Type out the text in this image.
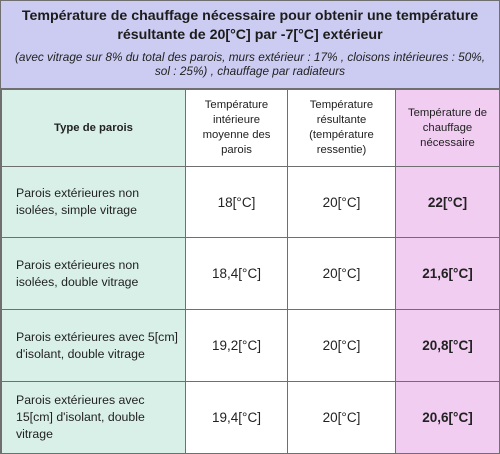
Température de chauffage nécessaire pour obtenir une température résultante de 20[°C] par -7[°C] extérieur
(avec vitrage sur 8% du total des parois, murs extérieur : 17% , cloisons intérieures : 50%, sol : 25%) , chauffage par radiateurs
Type de parois	Température intérieure moyenne des parois	Température résultante (température ressentie)	Température de chauffage nécessaire
Parois extérieures non isolées, simple vitrage	18[°C]	20[°C]	22[°C]
Parois extérieures non isolées, double vitrage	18,4[°C]	20[°C]	21,6[°C]
Parois extérieures avec 5[cm] d'isolant, double vitrage	19,2[°C]	20[°C]	20,8[°C]
Parois extérieures avec 15[cm] d'isolant, double vitrage	19,4[°C]	20[°C]	20,6[°C]
